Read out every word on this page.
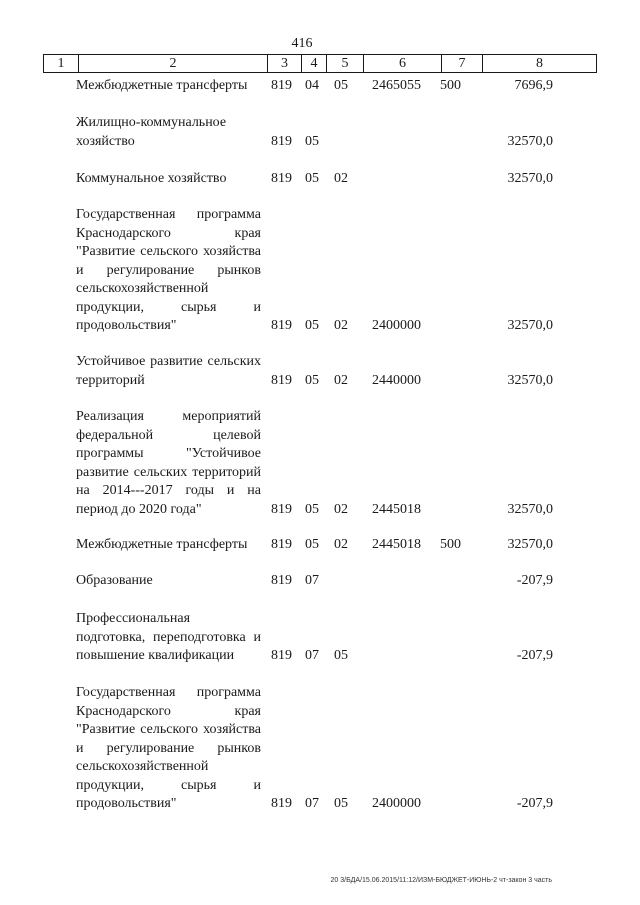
416
1	2	3	4	5	6	7	8
Межбюджетные трансферты	819 04 05 2465055 500	7696,9
Жилищно-коммунальное хозяйство	819 05	32570,0
Коммунальное хозяйство	819 05 02	32570,0
Государственная программа Краснодарского края "Развитие сельского хозяйства и регулирование рынков сельскохозяйственной продукции, сырья и продовольствия"	819 05 02 2400000	32570,0
Устойчивое развитие сельских территорий	819 05 02 2440000	32570,0
Реализация мероприятий федеральной целевой программы "Устойчивое развитие сельских территорий на 2014---2017 годы и на период до 2020 года"	819 05 02 2445018	32570,0
Межбюджетные трансферты	819 05 02 2445018 500	32570,0
Образование	819 07	-207,9
Профессиональная подготовка, переподготовка и повышение квалификации	819 07 05	-207,9
Государственная программа Краснодарского края "Развитие сельского хозяйства и регулирование рынков сельскохозяйственной продукции, сырья и продовольствия"	819 07 05 2400000	-207,9
20 3/БДА/15.06.2015/11:12/ИЗМ-БЮДЖЕТ-ИЮНЬ-2 чт-закон 3 часть
